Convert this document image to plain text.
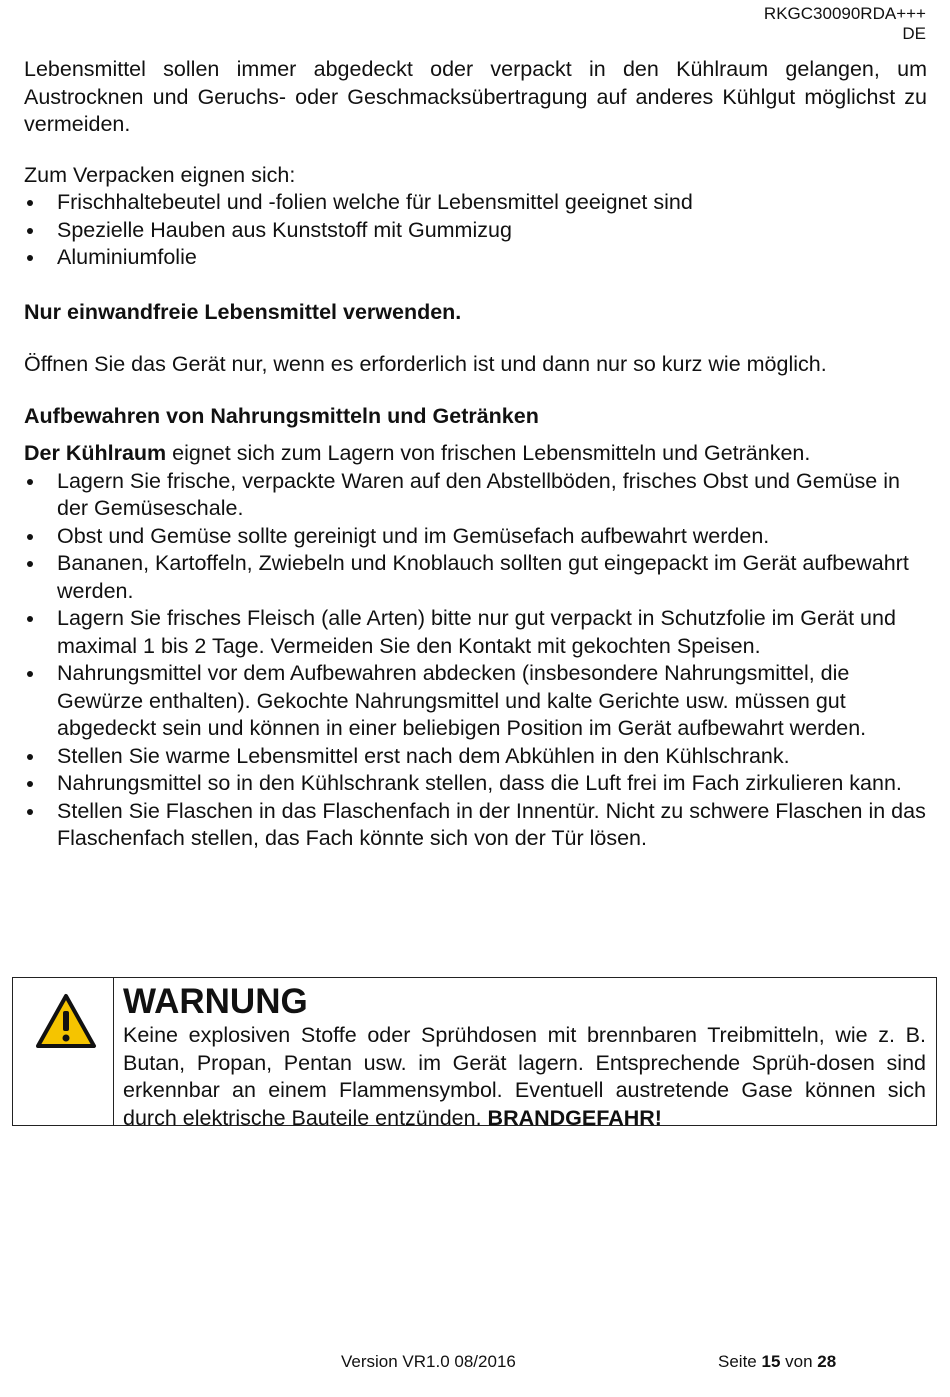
RKGC30090RDA+++
DE

Lebensmittel sollen immer abgedeckt oder verpackt in den Kühlraum gelangen, um Austrocknen und Geruchs- oder Geschmacksübertragung auf anderes Kühlgut möglichst zu vermeiden.

Zum Verpacken eignen sich:

Frischhaltebeutel und -folien welche für Lebensmittel geeignet sind
Spezielle Hauben aus Kunststoff mit Gummizug
Aluminiumfolie

Nur einwandfreie Lebensmittel verwenden.

Öffnen Sie das Gerät nur, wenn es erforderlich ist und dann nur so kurz wie möglich.

Aufbewahren von Nahrungsmitteln und Getränken

Der Kühlraum eignet sich zum Lagern von frischen Lebensmitteln und Getränken.

Lagern Sie frische, verpackte Waren auf den Abstellböden, frisches Obst und Gemüse in der Gemüseschale.
Obst und Gemüse sollte gereinigt und im Gemüsefach aufbewahrt werden.
Bananen, Kartoffeln, Zwiebeln und Knoblauch sollten gut eingepackt im Gerät aufbewahrt werden.
Lagern Sie frisches Fleisch (alle Arten) bitte nur gut verpackt in Schutzfolie im Gerät und maximal 1 bis 2 Tage. Vermeiden Sie den Kontakt mit gekochten Speisen.
Nahrungsmittel vor dem Aufbewahren abdecken (insbesondere Nahrungsmittel, die Gewürze enthalten). Gekochte Nahrungsmittel und kalte Gerichte usw. müssen gut abgedeckt sein und können in einer beliebigen Position im Gerät aufbewahrt werden.
Stellen Sie warme Lebensmittel erst nach dem Abkühlen in den Kühlschrank.
Nahrungsmittel so in den Kühlschrank stellen, dass die Luft frei im Fach zirkulieren kann.
Stellen Sie Flaschen in das Flaschenfach in der Innentür. Nicht zu schwere Flaschen in das Flaschenfach stellen, das Fach könnte sich von der Tür lösen.
WARNUNG
Keine explosiven Stoffe oder Sprühdosen mit brennbaren Treibmitteln, wie z. B. Butan, Propan, Pentan usw. im Gerät lagern. Entsprechende Sprüh-dosen sind erkennbar an einem Flammensymbol. Eventuell austretende Gase können sich durch elektrische Bauteile entzünden. BRANDGEFAHR!
Version VR1.0 08/2016	Seite 15 von 28
